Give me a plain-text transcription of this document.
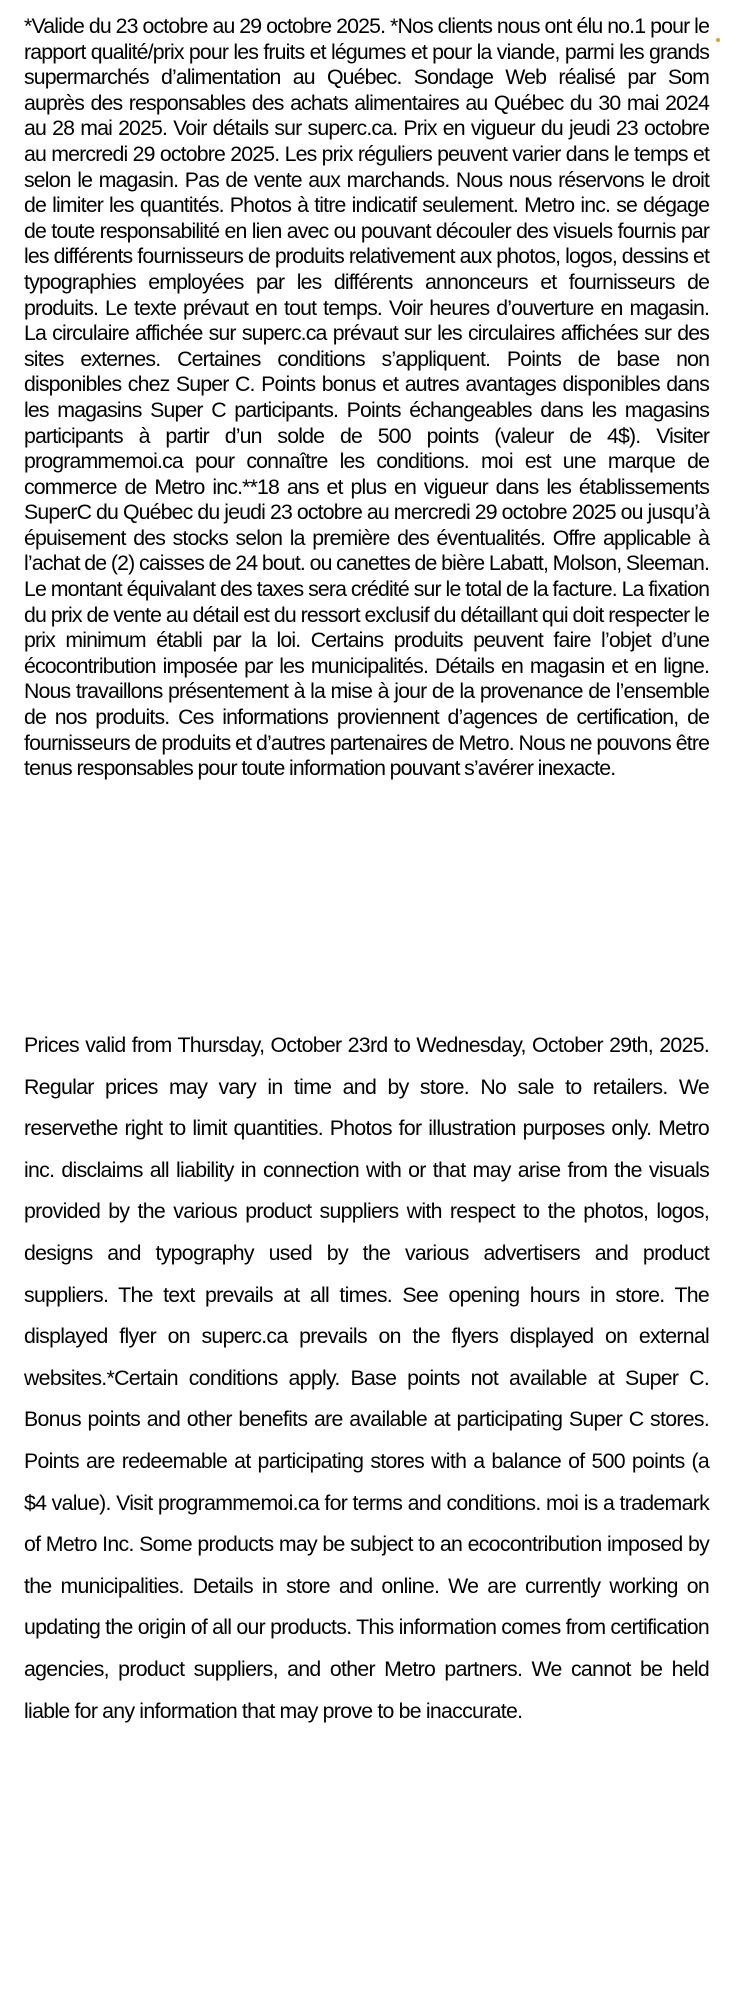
*Valide du 23 octobre au 29 octobre 2025. *Nos clients nous ont élu no.1 pour le rapport qualité/prix pour les fruits et légumes et pour la viande, parmi les grands supermarchés d’alimentation au Québec. Sondage Web réalisé par Som auprès des responsables des achats alimentaires au Québec du 30 mai 2024 au 28 mai 2025. Voir détails sur superc.ca. Prix en vigueur du jeudi 23 octobre au mercredi 29 octobre 2025. Les prix réguliers peuvent varier dans le temps et selon le magasin. Pas de vente aux marchands. Nous nous réservons le droit de limiter les quantités. Photos à titre indicatif seulement. Metro inc. se dégage de toute responsabilité en lien avec ou pouvant découler des visuels fournis par les différents fournisseurs de produits relativement aux photos, logos, dessins et typographies employées par les différents annonceurs et fournisseurs de produits. Le texte prévaut en tout temps. Voir heures d’ouverture en magasin. La circulaire affichée sur superc.ca prévaut sur les circulaires affichées sur des sites externes. Certaines conditions s’appliquent. Points de base non disponibles chez Super C. Points bonus et autres avantages disponibles dans les magasins Super C participants. Points échangeables dans les magasins participants à partir d’un solde de 500 points (valeur de 4$). Visiter programmemoi.ca pour connaître les conditions. moi est une marque de commerce de Metro inc.**18 ans et plus en vigueur dans les établissements SuperC du Québec du jeudi 23 octobre au mercredi 29 octobre 2025 ou jusqu’à épuisement des stocks selon la première des éventualités. Offre applicable à l’achat de (2) caisses de 24 bout. ou canettes de bière Labatt, Molson, Sleeman. Le montant équivalant des taxes sera crédité sur le total de la facture. La fixation du prix de vente au détail est du ressort exclusif du détaillant qui doit respecter le prix minimum établi par la loi. Certains produits peuvent faire l’objet d’une écocontribution imposée par les municipalités. Détails en magasin et en ligne. Nous travaillons présentement à la mise à jour de la provenance de l’ensemble de nos produits. Ces informations proviennent d’agences de certification, de fournisseurs de produits et d’autres partenaires de Metro. Nous ne pouvons être tenus responsables pour toute information pouvant s’avérer inexacte.

Prices valid from Thursday, October 23rd to Wednesday, October 29th, 2025. Regular prices may vary in time and by store. No sale to retailers. We reservethe right to limit quantities. Photos for illustration purposes only. Metro inc. disclaims all liability in connection with or that may arise from the visuals provided by the various product suppliers with respect to the photos, logos, designs and typography used by the various advertisers and product suppliers. The text prevails at all times. See opening hours in store. The displayed flyer on superc.ca prevails on the flyers displayed on external websites.*Certain conditions apply. Base points not available at Super C. Bonus points and other benefits are available at participating Super C stores. Points are redeemable at participating stores with a balance of 500 points (a $4 value). Visit programmemoi.ca for terms and conditions. moi is a trademark of Metro Inc. Some products may be subject to an ecocontribution imposed by the municipalities. Details in store and online. We are currently working on updating the origin of all our products. This information comes from certification agencies, product suppliers, and other Metro partners. We cannot be held liable for any information that may prove to be inaccurate.
